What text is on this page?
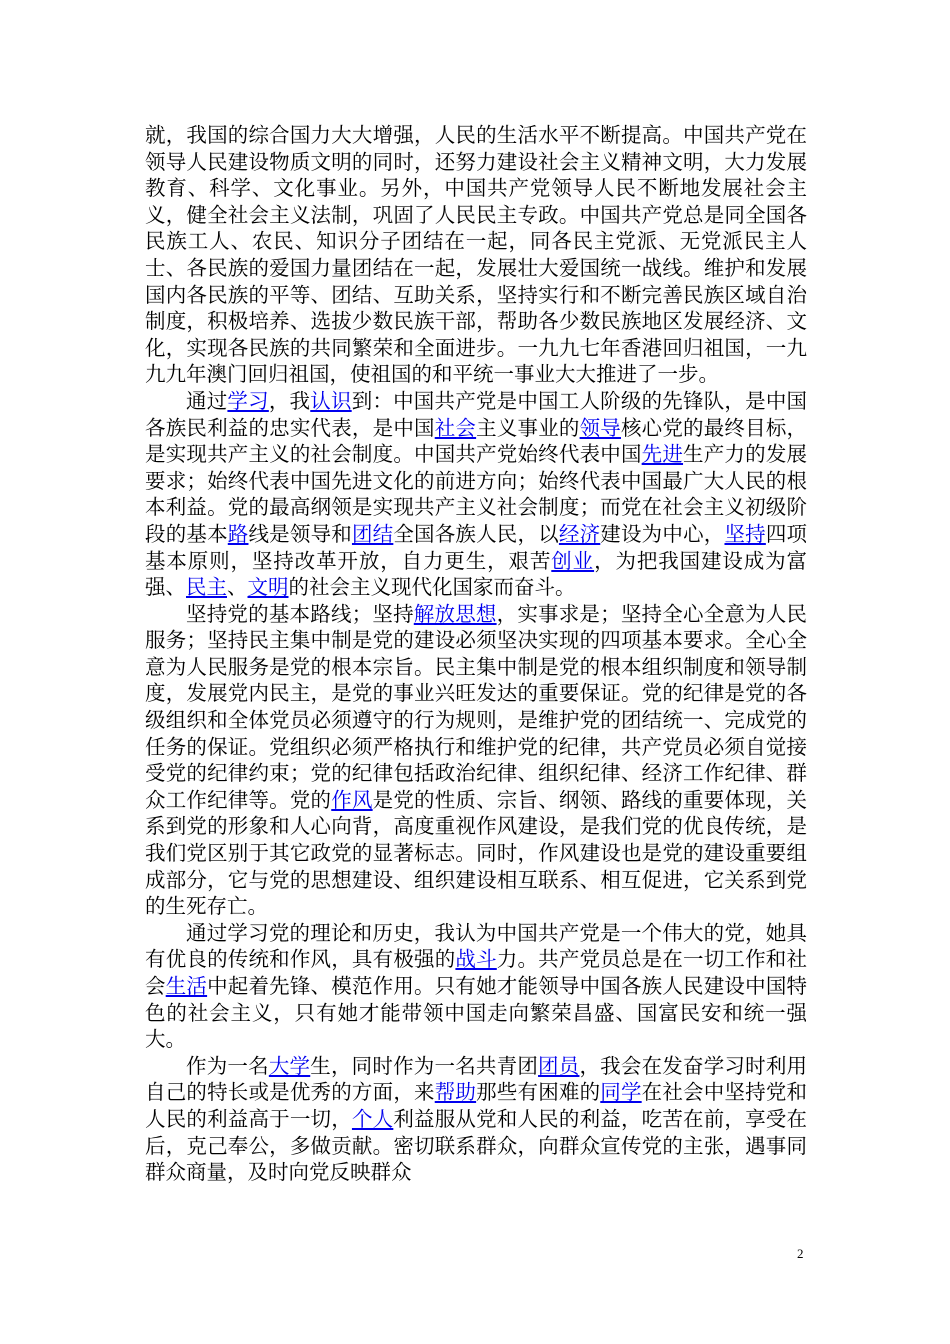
就，我国的综合国力大大增强，人民的生活水平不断提高。中国共产党在领导人民建设物质文明的同时，还努力建设社会主义精神文明，大力发展教育、科学、文化事业。另外，中国共产党领导人民不断地发展社会主义，健全社会主义法制，巩固了人民民主专政。中国共产党总是同全国各民族工人、农民、知识分子团结在一起，同各民主党派、无党派民主人士、各民族的爱国力量团结在一起，发展壮大爱国统一战线。维护和发展国内各民族的平等、团结、互助关系，坚持实行和不断完善民族区域自治制度，积极培养、选拔少数民族干部，帮助各少数民族地区发展经济、文化，实现各民族的共同繁荣和全面进步。一九九七年香港回归祖国，一九九九年澳门回归祖国，使祖国的和平统一事业大大推进了一步。

通过学习，我认识到：中国共产党是中国工人阶级的先锋队，是中国各族民利益的忠实代表，是中国社会主义事业的领导核心党的最终目标，是实现共产主义的社会制度。中国共产党始终代表中国先进生产力的发展要求；始终代表中国先进文化的前进方向；始终代表中国最广大人民的根本利益。党的最高纲领是实现共产主义社会制度；而党在社会主义初级阶段的基本路线是领导和团结全国各族人民，以经济建设为中心，坚持四项基本原则，坚持改革开放，自力更生，艰苦创业，为把我国建设成为富强、民主、文明的社会主义现代化国家而奋斗。

坚持党的基本路线；坚持解放思想，实事求是；坚持全心全意为人民服务；坚持民主集中制是党的建设必须坚决实现的四项基本要求。全心全意为人民服务是党的根本宗旨。民主集中制是党的根本组织制度和领导制度，发展党内民主，是党的事业兴旺发达的重要保证。党的纪律是党的各级组织和全体党员必须遵守的行为规则，是维护党的团结统一、完成党的任务的保证。党组织必须严格执行和维护党的纪律，共产党员必须自觉接受党的纪律约束；党的纪律包括政治纪律、组织纪律、经济工作纪律、群众工作纪律等。党的作风是党的性质、宗旨、纲领、路线的重要体现，关系到党的形象和人心向背，高度重视作风建设，是我们党的优良传统，是我们党区别于其它政党的显著标志。同时，作风建设也是党的建设重要组成部分，它与党的思想建设、组织建设相互联系、相互促进，它关系到党的生死存亡。

通过学习党的理论和历史，我认为中国共产党是一个伟大的党，她具有优良的传统和作风，具有极强的战斗力。共产党员总是在一切工作和社会生活中起着先锋、模范作用。只有她才能领导中国各族人民建设中国特色的社会主义，只有她才能带领中国走向繁荣昌盛、国富民安和统一强大。

作为一名大学生，同时作为一名共青团团员，我会在发奋学习时利用自己的特长或是优秀的方面，来帮助那些有困难的同学在社会中坚持党和人民的利益高于一切，个人利益服从党和人民的利益，吃苦在前，享受在后，克己奉公，多做贡献。密切联系群众，向群众宣传党的主张，遇事同群众商量，及时向党反映群众

2
